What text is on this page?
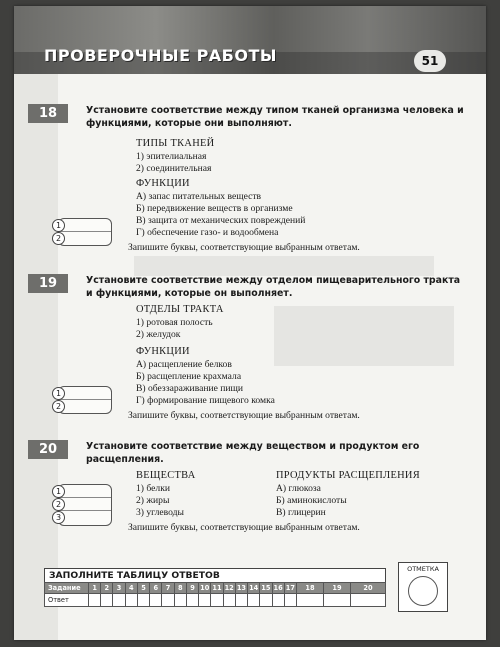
ПРОВЕРОЧНЫЕ РАБОТЫ	51
18	Установите соответствие между типом тканей организма человека и функциями, которые они выполняют.
ТИПЫ ТКАНЕЙ
1) эпителиальная
2) соединительная
ФУНКЦИИ
А) запас питательных веществ
Б) передвижение веществ в организме
В) защита от механических повреждений
Г) обеспечение газо- и водообмена
1
2
Запишите буквы, соответствующие выбранным ответам.
19	Установите соответствие между отделом пищеварительного тракта и функциями, которые он выполняет.
ОТДЕЛЫ ТРАКТА
1) ротовая полость
2) желудок
ФУНКЦИИ
А) расщепление белков
Б) расщепление крахмала
В) обеззараживание пищи
Г) формирование пищевого комка
1
2
Запишите буквы, соответствующие выбранным ответам.
20	Установите соответствие между веществом и продуктом его расщепления.
ВЕЩЕСТВА
1) белки
2) жиры
3) углеводы
ПРОДУКТЫ РАСЩЕПЛЕНИЯ
А) глюкоза
Б) аминокислоты
В) глицерин
1
2
3
Запишите буквы, соответствующие выбранным ответам.
ЗАПОЛНИТЕ ТАБЛИЦУ ОТВЕТОВ
Задание	1	2	3	4	5	6	7	8	9	10	11	12	13	14	15	16	17	18	19	20
Ответ																				
ОТМЕТКА
